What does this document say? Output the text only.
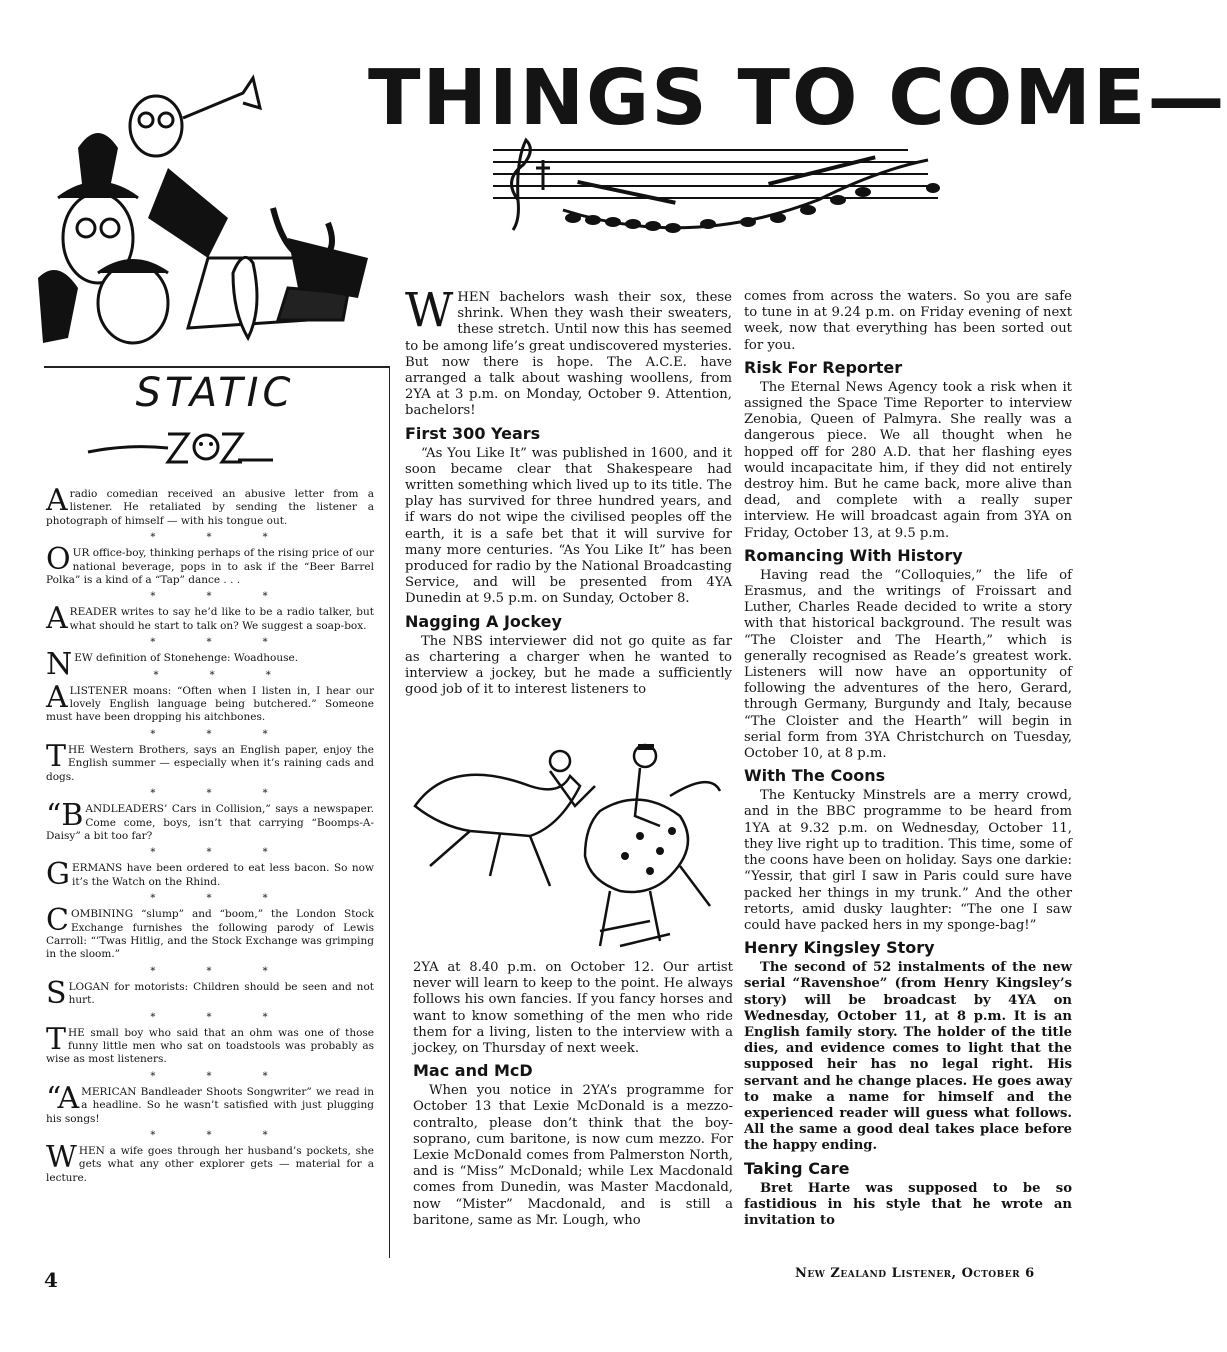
THINGS TO COME—
STATIC

Aradio comedian received an abusive letter from a listener. He retaliated by sending the listener a photograph of himself — with his tongue out.

* * *

OUR office-boy, thinking perhaps of the rising price of our national beverage, pops in to ask if the “Beer Barrel Polka” is a kind of a “Tap” dance . . .

* * *

AREADER writes to say he’d like to be a radio talker, but what should he start to talk on? We suggest a soap-box.

* * *

NEW definition of Stonehenge: Woadhouse.

* * *

ALISTENER moans: “Often when I listen in, I hear our lovely English language being butchered.” Someone must have been dropping his aitchbones.

* * *

THE Western Brothers, says an English paper, enjoy the English summer — especially when it’s raining cads and dogs.

* * *

“BANDLEADERS’ Cars in Collision,” says a newspaper. Come come, boys, isn’t that carrying “Boomps-A-Daisy” a bit too far?

* * *

GERMANS have been ordered to eat less bacon. So now it’s the Watch on the Rhind.

* * *

COMBINING “slump” and “boom,” the London Stock Exchange furnishes the following parody of Lewis Carroll: “’Twas Hitlig, and the Stock Exchange was grimping in the sloom.”

* * *

SLOGAN for motorists: Children should be seen and not hurt.

* * *

THE small boy who said that an ohm was one of those funny little men who sat on toadstools was probably as wise as most listeners.

* * *

“AMERICAN Bandleader Shoots Songwriter” we read in a headline. So he wasn’t satisfied with just plugging his songs!

* * *

WHEN a wife goes through her husband’s pockets, she gets what any other explorer gets — material for a lecture.

WHEN bachelors wash their sox, these shrink. When they wash their sweaters, these stretch. Until now this has seemed to be among life’s great undiscovered mysteries. But now there is hope. The A.C.E. have arranged a talk about washing woollens, from 2YA at 3 p.m. on Monday, October 9. Attention, bachelors!

First 300 Years

“As You Like It” was published in 1600, and it soon became clear that Shakespeare had written something which lived up to its title. The play has survived for three hundred years, and if wars do not wipe the civilised peoples off the earth, it is a safe bet that it will survive for many more centuries. “As You Like It” has been produced for radio by the National Broadcasting Service, and will be presented from 4YA Dunedin at 9.5 p.m. on Sunday, October 8.

Nagging A Jockey

The NBS interviewer did not go quite as far as chartering a charger when he wanted to interview a jockey, but he made a sufficiently good job of it to interest listeners to

2YA at 8.40 p.m. on October 12. Our artist never will learn to keep to the point. He always follows his own fancies. If you fancy horses and want to know something of the men who ride them for a living, listen to the interview with a jockey, on Thursday of next week.

Mac and McD

When you notice in 2YA’s programme for October 13 that Lexie McDonald is a mezzo-contralto, please don’t think that the boy-soprano, cum baritone, is now cum mezzo. For Lexie McDonald comes from Palmerston North, and is “Miss” McDonald; while Lex Macdonald comes from Dunedin, was Master Macdonald, now “Mister” Macdonald, and is still a baritone, same as Mr. Lough, who

comes from across the waters. So you are safe to tune in at 9.24 p.m. on Friday evening of next week, now that everything has been sorted out for you.

Risk For Reporter

The Eternal News Agency took a risk when it assigned the Space Time Reporter to interview Zenobia, Queen of Palmyra. She really was a dangerous piece. We all thought when he hopped off for 280 A.D. that her flashing eyes would incapacitate him, if they did not entirely destroy him. But he came back, more alive than dead, and complete with a really super interview. He will broadcast again from 3YA on Friday, October 13, at 9.5 p.m.

Romancing With History

Having read the “Colloquies,” the life of Erasmus, and the writings of Froissart and Luther, Charles Reade decided to write a story with that historical background. The result was “The Cloister and The Hearth,” which is generally recognised as Reade’s greatest work. Listeners will now have an opportunity of following the adventures of the hero, Gerard, through Germany, Burgundy and Italy, because “The Cloister and the Hearth” will begin in serial form from 3YA Christchurch on Tuesday, October 10, at 8 p.m.

With The Coons

The Kentucky Minstrels are a merry crowd, and in the BBC programme to be heard from 1YA at 9.32 p.m. on Wednesday, October 11, they live right up to tradition. This time, some of the coons have been on holiday. Says one darkie: “Yessir, that girl I saw in Paris could sure have packed her things in my trunk.” And the other retorts, amid dusky laughter: “The one I saw could have packed hers in my sponge-bag!”

Henry Kingsley Story

The second of 52 instalments of the new serial “Ravenshoe” (from Henry Kingsley’s story) will be broadcast by 4YA on Wednesday, October 11, at 8 p.m. It is an English family story. The holder of the title dies, and evidence comes to light that the supposed heir has no legal right. His servant and he change places. He goes away to make a name for himself and the experienced reader will guess what follows. All the same a good deal takes place before the happy ending.

Taking Care

Bret Harte was supposed to be so fastidious in his style that he wrote an invitation to

4	New Zealand Listener, October 6
